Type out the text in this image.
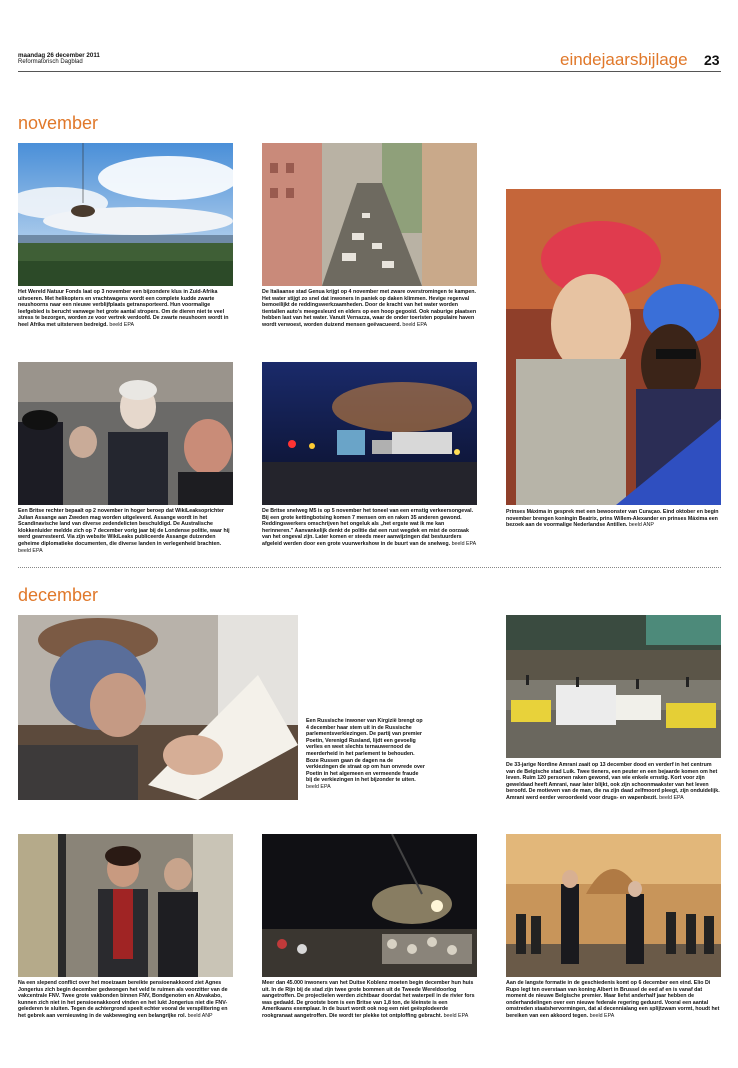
maandag 26 december 2011
Reformatorisch Dagblad	eindejaarsbijlage 23
november
Het Wereld Natuur Fonds laat op 3 november een bijzondere klus in Zuid-Afrika uitvoeren. Met helikopters en vrachtwagens wordt een complete kudde zwarte neushoorns naar een nieuwe verblijfplaats getransporteerd. Hun voormalige leefgebied is berucht vanwege het grote aantal stropers. Om de dieren niet te veel stress te bezorgen, worden ze voor vertrek verdoofd. De zwarte neushoorn wordt in heel Afrika met uitsterven bedreigd. beeld EPA
De Italiaanse stad Genua krijgt op 4 november met zware overstromingen te kampen. Het water stijgt zo snel dat inwoners in paniek op daken klimmen. Hevige regenval bemoeilijkt de reddingswerkzaamheden. Door de kracht van het water worden tientallen auto's meegesleurd en elders op een hoop gegooid. Ook naburige plaatsen hebben last van het water. Vanuit Vernazza, waar de onder toeristen populaire haven wordt verwoest, worden duizend mensen geëvacueerd. beeld EPA
Prinses Máxima in gesprek met een bewoonster van Curaçao. Eind oktober en begin november brengen koningin Beatrix, prins Willem-Alexander en prinses Máxima een bezoek aan de voormalige Nederlandse Antillen. beeld ANP
Een Britse rechter bepaalt op 2 november in hoger beroep dat WikiLeaksoprichter Julian Assange aan Zweden mag worden uitgeleverd. Assange wordt in het Scandinavische land van diverse zedendelicten beschuldigd. De Australische klokkenluider meldde zich op 7 december vorig jaar bij de Londense politie, waar hij werd gearresteerd. Via zijn website WikiLeaks publiceerde Assange duizenden geheime diplomatieke documenten, die diverse landen in verlegenheid brachten. beeld EPA
De Britse snelweg M5 is op 5 november het toneel van een ernstig verkeersongeval. Bij een grote kettingbotsing komen 7 mensen om en raken 35 anderen gewond. Reddingswerkers omschrijven het ongeluk als „het ergste wat ik me kan herinneren." Aanvankelijk denkt de politie dat een rust wegdek en mist de oorzaak van het ongeval zijn. Later komen er steeds meer aanwijzingen dat bestuurders afgeleid werden door een grote vuurwerkshow in de buurt van de snelweg. beeld EPA
december
Een Russische inwoner van Kirgizië brengt op 4 december haar stem uit in de Russische parlementsverkiezingen. De partij van premier Poetin, Verenigd Rusland, lijdt een gevoelig verlies en weet slechts ternauwernood de meerderheid in het parlement te behouden. Boze Russen gaan de dagen na de verkiezingen de straat op om hun onvrede over Poetin in het algemeen en vermeende fraude bij de verkiezingen in het bijzonder te uiten. beeld EPA
De 33-jarige Nordine Amrani zaait op 13 december dood en verderf in het centrum van de Belgische stad Luik. Twee tieners, een peuter en een bejaarde komen om het leven. Ruim 120 personen raken gewond, van wie enkele ernstig. Kort voor zijn geweldaad heeft Amrani, naar later blijkt, ook zijn schoonmaakster van het leven beroofd. De motieven van de man, die na zijn daad zelfmoord pleegt, zijn onduidelijk. Amrani werd eerder veroordeeld voor drugs- en wapenbezit. beeld EPA
Na een slepend conflict over het moeizaam bereikte pensioenakkoord ziet Agnes Jongerius zich begin december gedwongen het veld te ruimen als voorzitter van de vakcentrale FNV. Twee grote vakbonden binnen FNV, Bondgenoten en Abvakabo, kunnen zich niet in het pensioenakkoord vinden en het lukt Jongerius niet die FNV-gelederen te sluiten. Tegen de achtergrond speelt echter vooral de verspilitering en het gebrek aan vernieuwing in de vakbeweging een belangrijke rol. beeld ANP
Meer dan 45.000 inwoners van het Duitse Koblenz moeten begin december hun huis uit. In de Rijn bij de stad zijn twee grote bommen uit de Tweede Wereldoorlog aangetroffen. De projectielen werden zichtbaar doordat het waterpeil in de rivier fors was gedaald. De grootste bom is een Britse van 1,8 ton, de kleinste is een Amerikaans exemplaar. In de buurt wordt ook nog een niet geëxplodeerde rookgranaat aangetroffen. Die wordt ter plekke tot ontploffing gebracht. beeld EPA
Aan de langste formatie in de geschiedenis komt op 6 december een eind. Elio Di Rupo legt ten overstaan van koning Albert in Brussel de eed af en is vanaf dat moment de nieuwe Belgische premier. Maar liefst anderhalf jaar hebben de onderhandelingen over een nieuwe federale regering geduurd. Vooral een aantal omstreden staatshervormingen, dat al decennialang een splijtzwam vormt, houdt het bereiken van een akkoord tegen. beeld EPA
